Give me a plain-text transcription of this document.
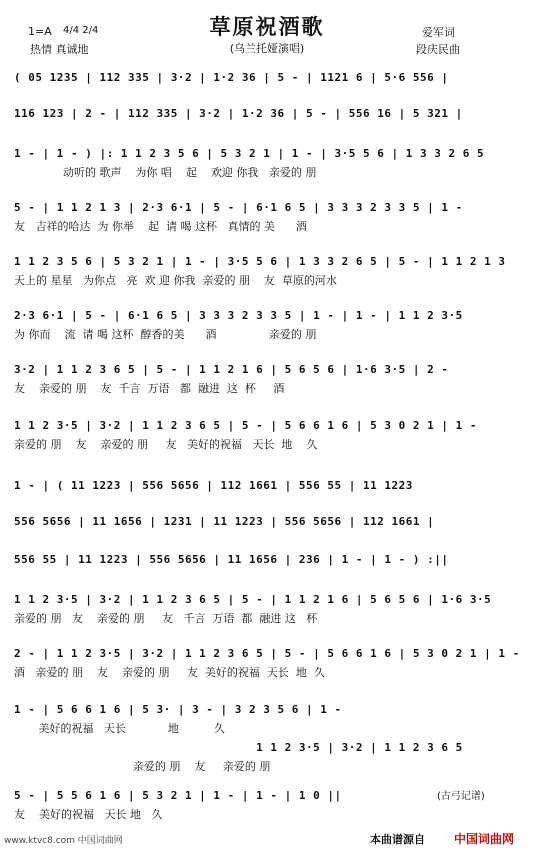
草原祝酒歌
(乌兰托娅演唱)
1=A 4/4 2/4
热情 真诚地
爱军词
段庆民曲
( 05 1235 | 112 335 | 3·2 | 1·2 36 | 5 - | 1121 6 | 5·6 556 |
116 123 | 2 - | 112 335 | 3·2 | 1·2 36 | 5 - | 556 16 | 5 321 |
1 - | 1 - ) |: 1 1 2 3 5 6 | 5 3 2 1 | 1 - | 3·5 5 6 | 1 3 3 2 6 5
动听的 歌声    为你 唱    起    欢迎 你我   亲爱的 朋
5 - | 1 1 2 1 3 | 2·3 6·1 | 5 - | 6·1 6 5 | 3 3 3 2 3 3 5 | 1 -
友   吉祥的哈达  为 你举    起  请 喝 这杯   真情的 美      酒
1 1 2 3 5 6 | 5 3 2 1 | 1 - | 3·5 5 6 | 1 3 3 2 6 5 | 5 - | 1 1 2 1 3
天上的 星星   为你点   亮  欢 迎 你我  亲爱的 朋    友  草原的河水
2·3 6·1 | 5 - | 6·1 6 5 | 3 3 3 2 3 3 5 | 1 - | 1 - | 1 1 2 3·5
为 你而    流  请 喝 这杯  醇香的美      酒               亲爱的 朋
3·2 | 1 1 2 3 6 5 | 5 - | 1 1 2 1 6 | 5 6 5 6 | 1·6 3·5 | 2 -
友    亲爱的 朋    友  千言  万语   都  融进  这  杯     酒
1 1 2 3·5 | 3·2 | 1 1 2 3 6 5 | 5 - | 5 6 6 1 6 | 5 3 0 2 1 | 1 -
亲爱的 朋    友    亲爱的 朋     友   美好的祝福   天长  地    久
1 - | ( 11 1223 | 556 5656 | 112 1661 | 556 55 | 11 1223
556 5656 | 11 1656 | 1231 | 11 1223 | 556 5656 | 112 1661 |
556 55 | 11 1223 | 556 5656 | 11 1656 | 236 | 1 - | 1 - ) :||
1 1 2 3·5 | 3·2 | 1 1 2 3 6 5 | 5 - | 1 1 2 1 6 | 5 6 5 6 | 1·6 3·5
亲爱的 朋   友    亲爱的 朋     友   千言  万语  都  融进 这   杯
2 - | 1 1 2 3·5 | 3·2 | 1 1 2 3 6 5 | 5 - | 5 6 6 1 6 | 5 3 0 2 1 | 1 -
酒   亲爱的 朋    友    亲爱的 朋     友  美好的祝福  天长  地  久
1 - | 5 6 6 1 6 | 5 3· | 3 - | 3 2 3 5 6 | 1 -
美好的祝福   天长            地          久
1 1 2 3·5 | 3·2 | 1 1 2 3 6 5
亲爱的 朋    友     亲爱的 朋
5 - | 5 5 6 1 6 | 5 3 2 1 | 1 - | 1 - | 1 0 ||
友    美好的祝福   天长 地   久
(古弓记谱)
www.ktvc8.com 中国词曲网	本曲谱源自 中国词曲网
